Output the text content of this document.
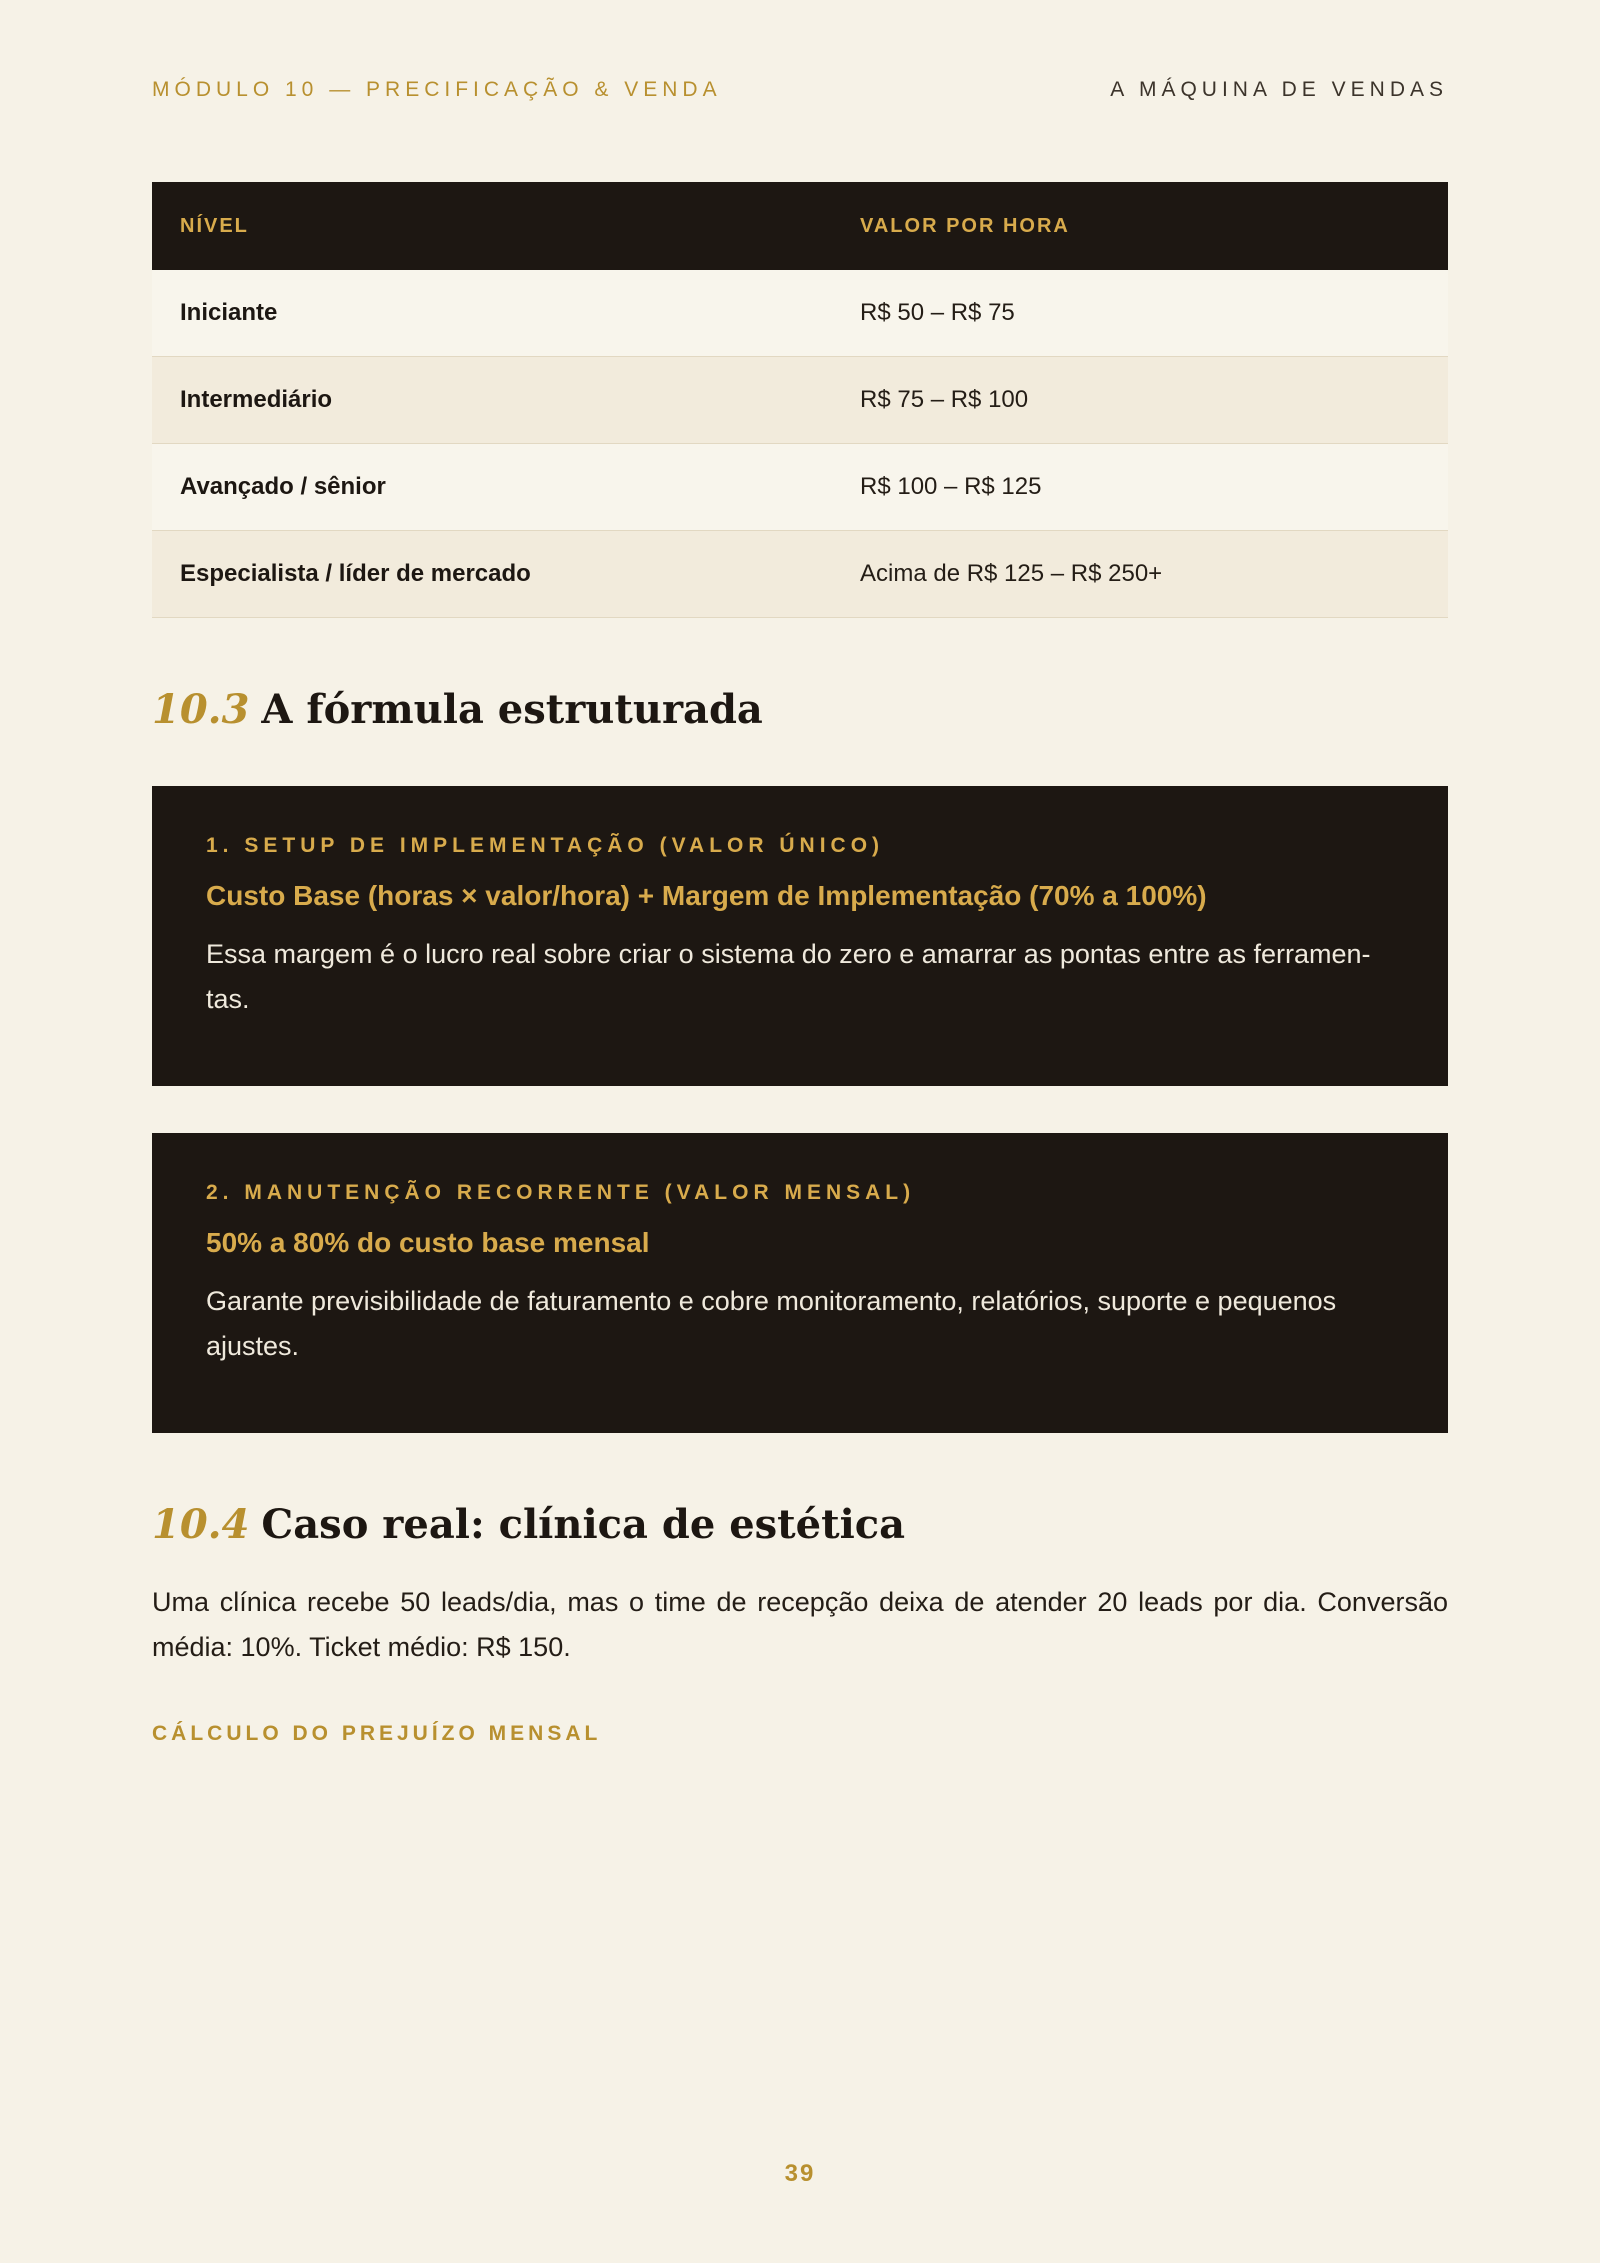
MÓDULO 10 — PRECIFICAÇÃO & VENDA	A MÁQUINA DE VENDAS
NÍVEL	VALOR POR HORA
Iniciante	R$ 50 – R$ 75
Intermediário	R$ 75 – R$ 100
Avançado / sênior	R$ 100 – R$ 125
Especialista / líder de mercado	Acima de R$ 125 – R$ 250+
10.3 A fórmula estruturada
1. SETUP DE IMPLEMENTAÇÃO (VALOR ÚNICO)
Custo Base (horas × valor/hora) + Margem de Implementação (70% a 100%)
Essa margem é o lucro real sobre criar o sistema do zero e amarrar as pontas entre as ferramen-tas.
2. MANUTENÇÃO RECORRENTE (VALOR MENSAL)
50% a 80% do custo base mensal
Garante previsibilidade de faturamento e cobre monitoramento, relatórios, suporte e pequenos ajustes.
10.4 Caso real: clínica de estética
Uma clínica recebe 50 leads/dia, mas o time de recepção deixa de atender 20 leads por dia. Conversão média: 10%. Ticket médio: R$ 150.
CÁLCULO DO PREJUÍZO MENSAL
39
